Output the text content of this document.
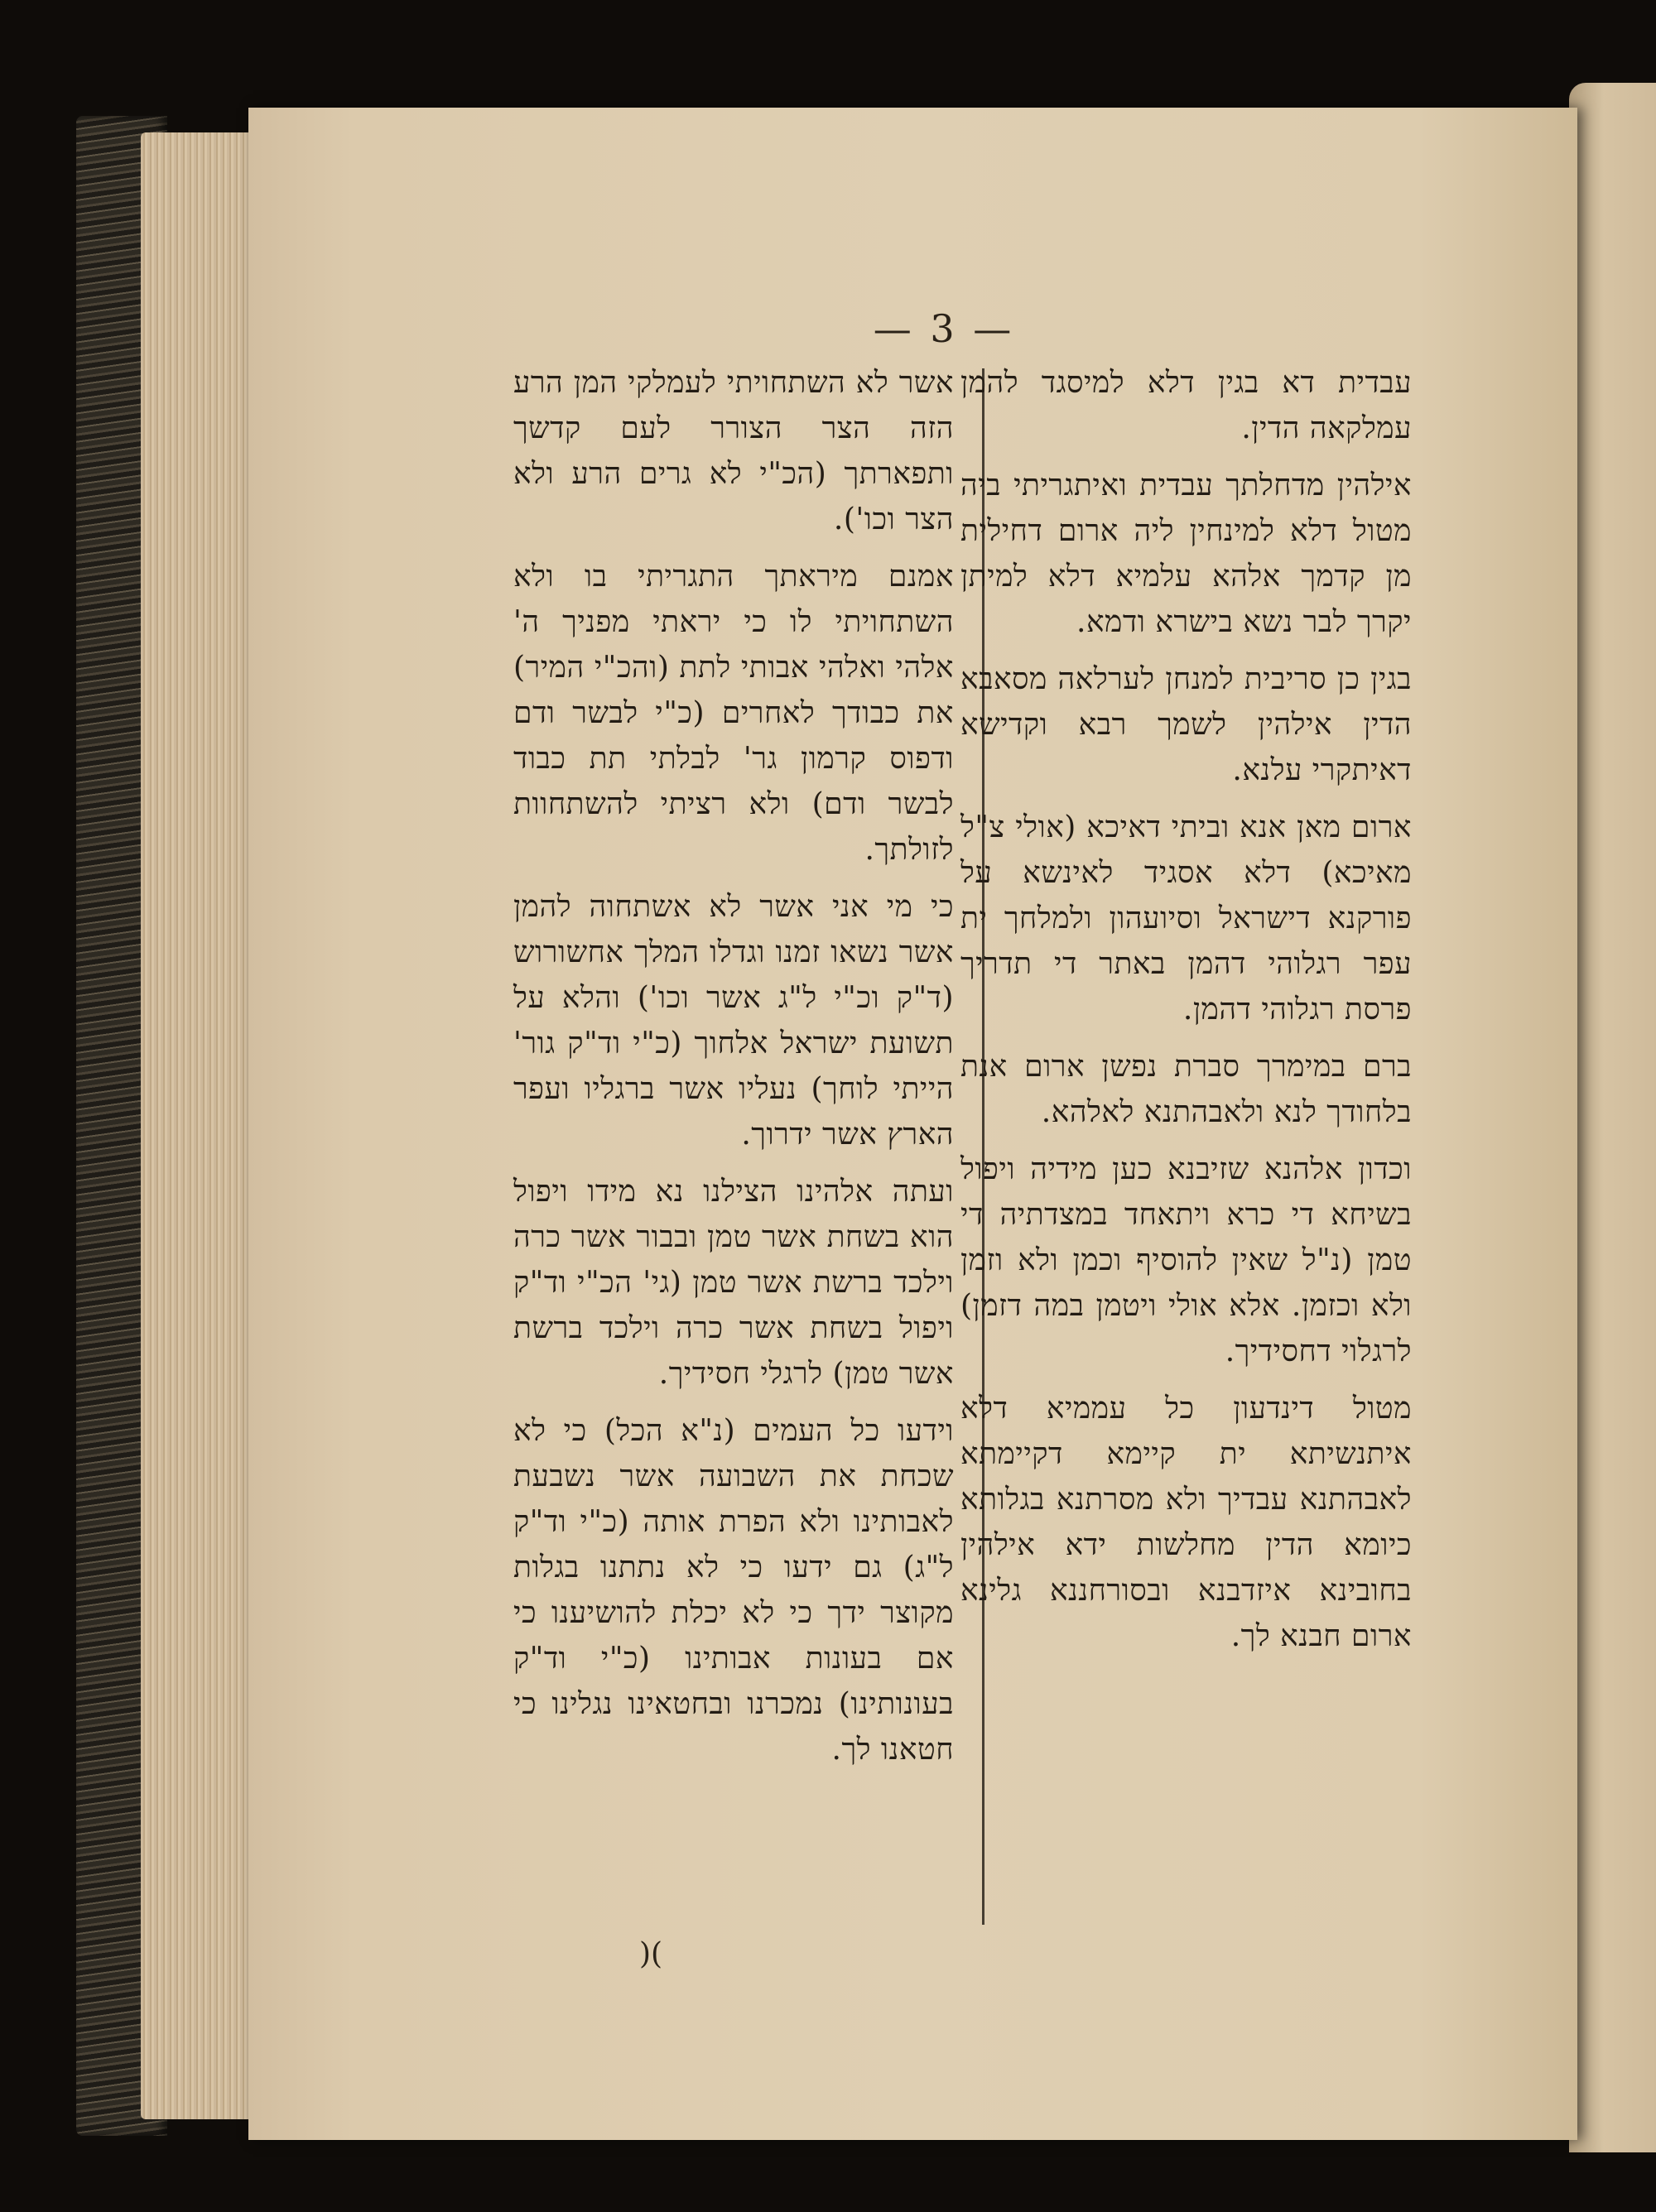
— 3 —

עבדית דא בגין דלא למיסגד להמן עמלקאה הדין.

אילהין מדחלתך עבדית ואיתגריתי ביה מטול דלא למינחין ליה ארום דחילית מן קדמך אלהא עלמיא דלא למיתן יקרך לבר נשא בישרא ודמא.

בגין כן סריבית למנחן לערלאה מסאבא הדין אילהין לשמך רבא וקדישא דאיתקרי עלנא.

ארום מאן אנא וביתי דאיכא (אולי צ"ל מאיכא) דלא אסגיד לאינשא על פורקנא דישראל וסיועהון ולמלחך ית עפר רגלוהי דהמן באתר די תדריך פרסת רגלוהי דהמן.

ברם במימרך סברת נפשן ארום אנת בלחודך לנא ולאבהתנא לאלהא.

וכדון אלהנא שזיבנא כען מידיה ויפול בשיחא די כרא ויתאחד במצדתיה די טמן (נ"ל שאין להוסיף וכמן ולא וזמן ולא וכזמן. אלא אולי ויטמן במה דזמן) לרגלוי דחסידיך.

מטול דינדעון כל עממיא דלא איתנשיתא ית קיימא דקיימתא לאבהתנא עבדיך ולא מסרתנא בגלותא כיומא הדין מחלשות ידא אילהין בחובינא איזדבנא ובסורחננא גלינא ארום חבנא לך.

אשר לא השתחויתי לעמלקי המן הרע הזה הצר הצורר לעם קדשך ותפארתך (הכ"י לא גרים הרע ולא הצר וכו').

אמנם מיראתך התגריתי בו ולא השתחויתי לו כי יראתי מפניך ה' אלהי ואלהי אבותי לתת (והכ"י המיר) את כבודך לאחרים (כ"י לבשר ודם ודפוס קרמון גר' לבלתי תת כבוד לבשר ודם) ולא רציתי להשתחוות לזולתך.

כי מי אני אשר לא אשתחוה להמן אשר נשאו זמנו וגדלו המלך אחשורוש (ד"ק וכ"י ל"ג אשר וכו') והלא על תשועת ישראל אלחוך (כ"י וד"ק גור' הייתי לוחך) נעליו אשר ברגליו ועפר הארץ אשר ידרוך.

ועתה אלהינו הצילנו נא מידו ויפול הוא בשחת אשר טמן ובבור אשר כרה וילכד ברשת אשר טמן (גי' הכ"י וד"ק ויפול בשחת אשר כרה וילכד ברשת אשר טמן) לרגלי חסידיך.

וידעו כל העמים (נ"א הכל) כי לא שכחת את השבועה אשר נשבעת לאבותינו ולא הפרת אותה (כ"י וד"ק ל"ג) גם ידעו כי לא נתתנו בגלות מקוצר ידך כי לא יכלת להושיענו כי אם בעונות אבותינו (כ"י וד"ק בעונותינו) נמכרנו ובחטאינו נגלינו כי חטאנו לך.

)(
